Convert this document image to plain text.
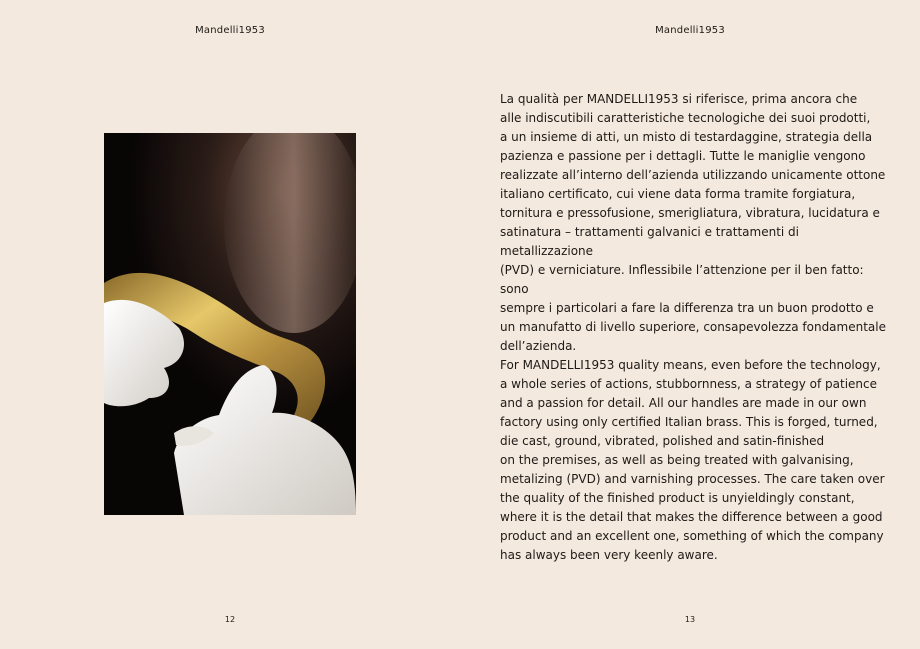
Mandelli1953
12
Mandelli1953

La qualità per MANDELLI1953 si riferisce, prima ancora che
alle indiscutibili caratteristiche tecnologiche dei suoi prodotti,
a un insieme di atti, un misto di testardaggine, strategia della
pazienza e passione per i dettagli. Tutte le maniglie vengono
realizzate all’interno dell’azienda utilizzando unicamente ottone
italiano certificato, cui viene data forma tramite forgiatura,
tornitura e pressofusione, smerigliatura, vibratura, lucidatura e
satinatura – trattamenti galvanici e trattamenti di metallizzazione
(PVD) e verniciature. Inflessibile l’attenzione per il ben fatto: sono
sempre i particolari a fare la differenza tra un buon prodotto e
un manufatto di livello superiore, consapevolezza fondamentale
dell’azienda.

For MANDELLI1953 quality means, even before the technology,
a whole series of actions, stubbornness, a strategy of patience
and a passion for detail. All our handles are made in our own
factory using only certified Italian brass. This is forged, turned,
die cast, ground, vibrated, polished and satin-finished
on the premises, as well as being treated with galvanising,
metalizing (PVD) and varnishing processes. The care taken over
the quality of the finished product is unyieldingly constant,
where it is the detail that makes the difference between a good
product and an excellent one, something of which the company
has always been very keenly aware.

13
